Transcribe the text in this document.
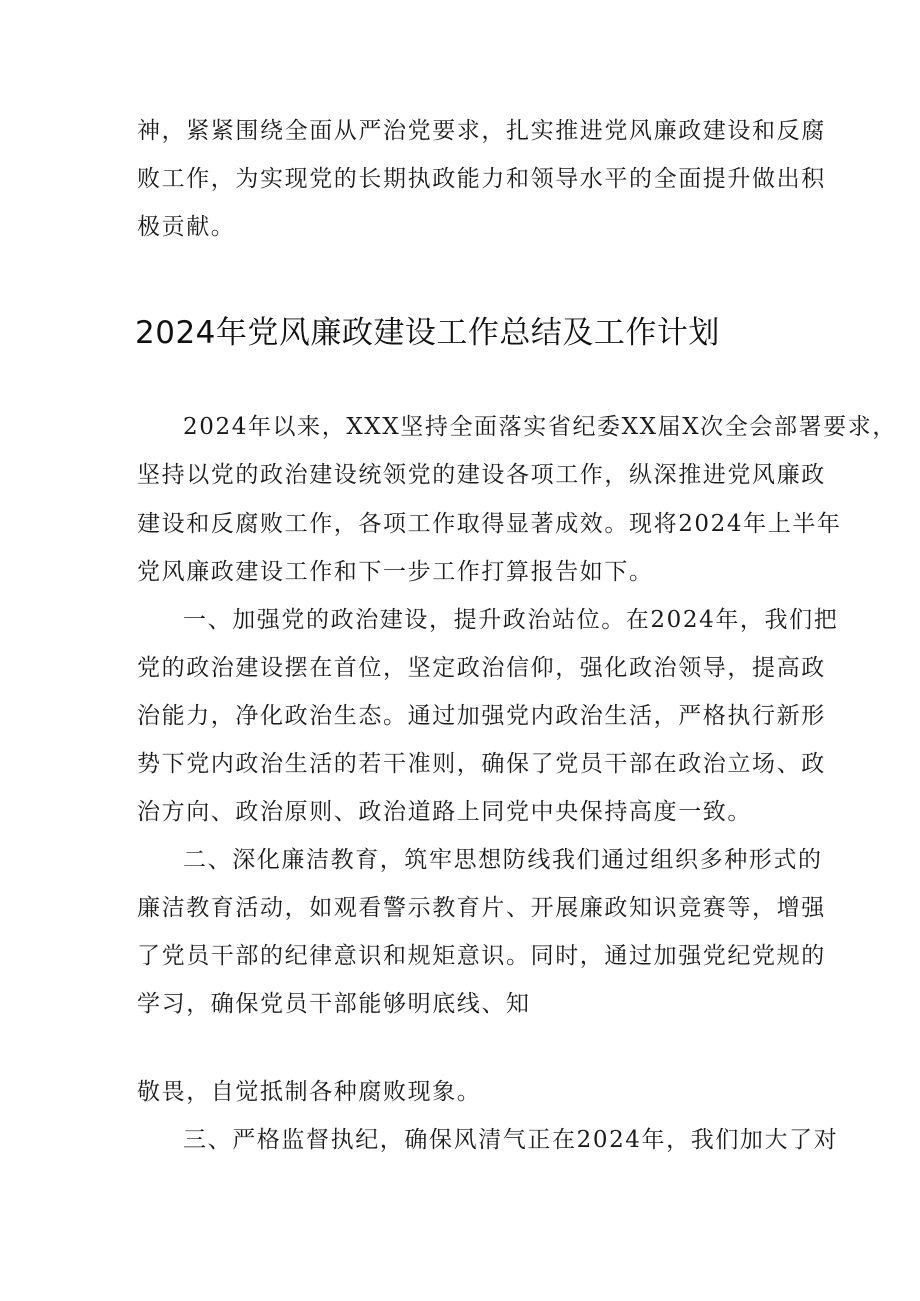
神，紧紧围绕全面从严治党要求，扎实推进党风廉政建设和反腐
败工作，为实现党的长期执政能力和领导水平的全面提升做出积
极贡献。
2024年党风廉政建设工作总结及工作计划
2024年以来，XXX坚持全面落实省纪委XX届X次全会部署要求，
坚持以党的政治建设统领党的建设各项工作，纵深推进党风廉政
建设和反腐败工作，各项工作取得显著成效。现将2024年上半年
党风廉政建设工作和下一步工作打算报告如下。
一、加强党的政治建设，提升政治站位。在2024年，我们把
党的政治建设摆在首位，坚定政治信仰，强化政治领导，提高政
治能力，净化政治生态。通过加强党内政治生活，严格执行新形
势下党内政治生活的若干准则，确保了党员干部在政治立场、政
治方向、政治原则、政治道路上同党中央保持高度一致。
二、深化廉洁教育，筑牢思想防线我们通过组织多种形式的
廉洁教育活动，如观看警示教育片、开展廉政知识竞赛等，增强
了党员干部的纪律意识和规矩意识。同时，通过加强党纪党规的
学习，确保党员干部能够明底线、知
敬畏，自觉抵制各种腐败现象。
三、严格监督执纪，确保风清气正在2024年，我们加大了对
